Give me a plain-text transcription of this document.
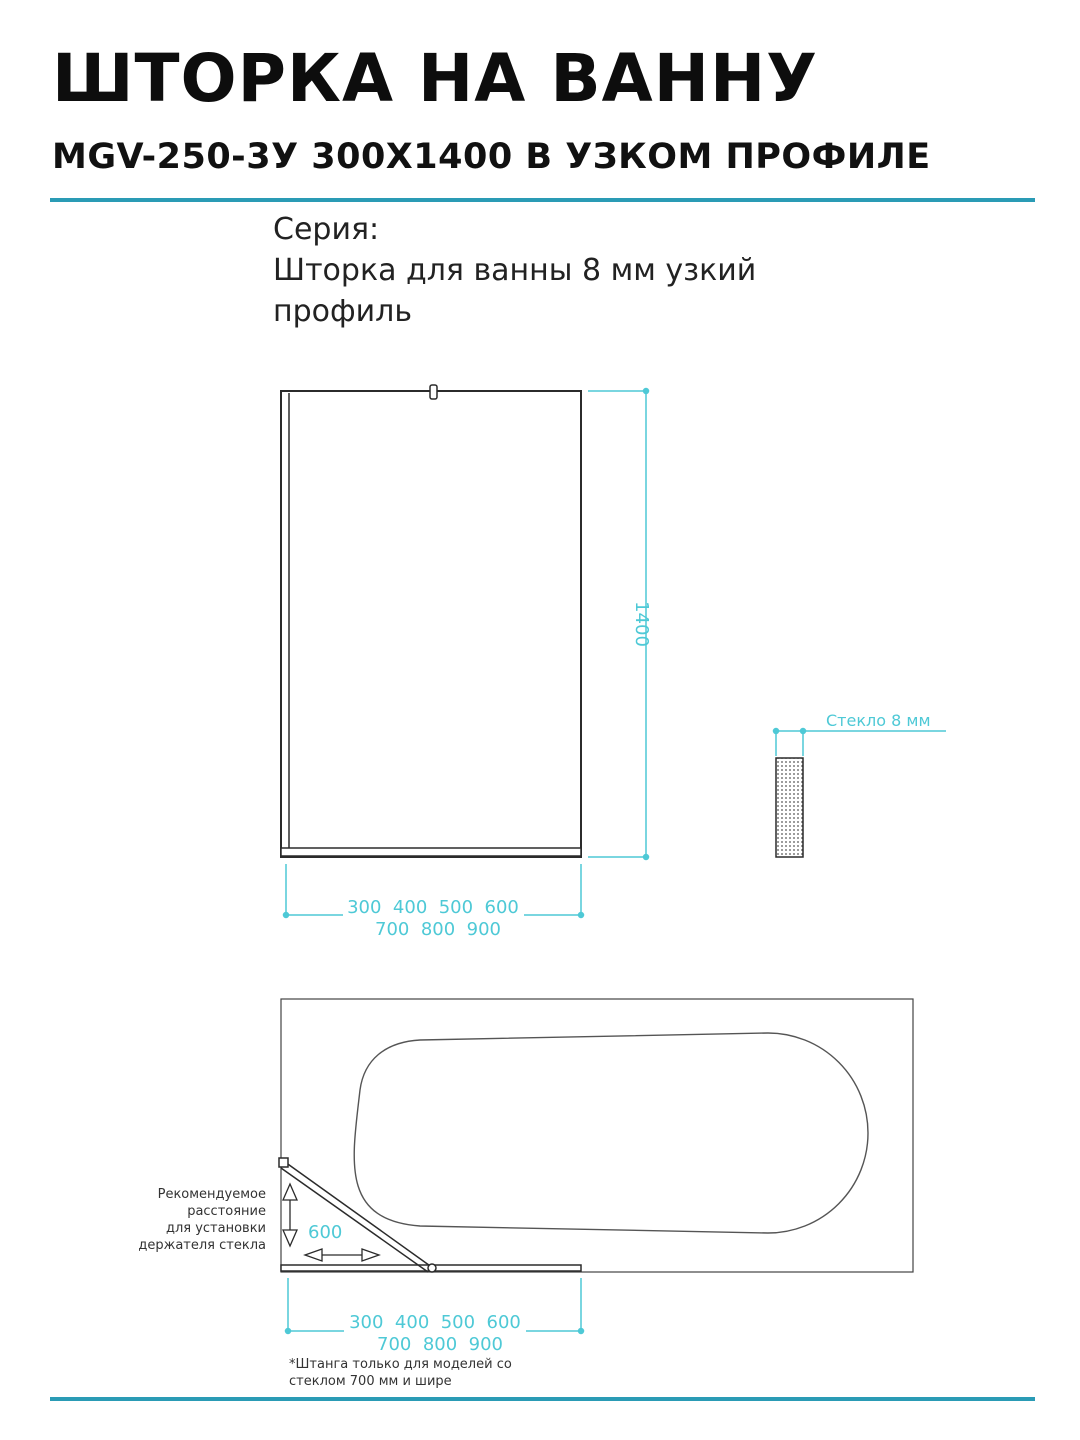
ШТОРКА НА ВАННУ
MGV-250-3У 300Х1400 В УЗКОМ ПРОФИЛЕ
Серия:
Шторка для ванны 8 мм узкий
профиль
1400
300  400  500  600
700  800  900
Стекло 8 мм
600
300  400  500  600
700  800  900
Рекомендуемое
расстояние
для установки
держателя стекла
*Штанга только для моделей со
стеклом 700 мм и шире
